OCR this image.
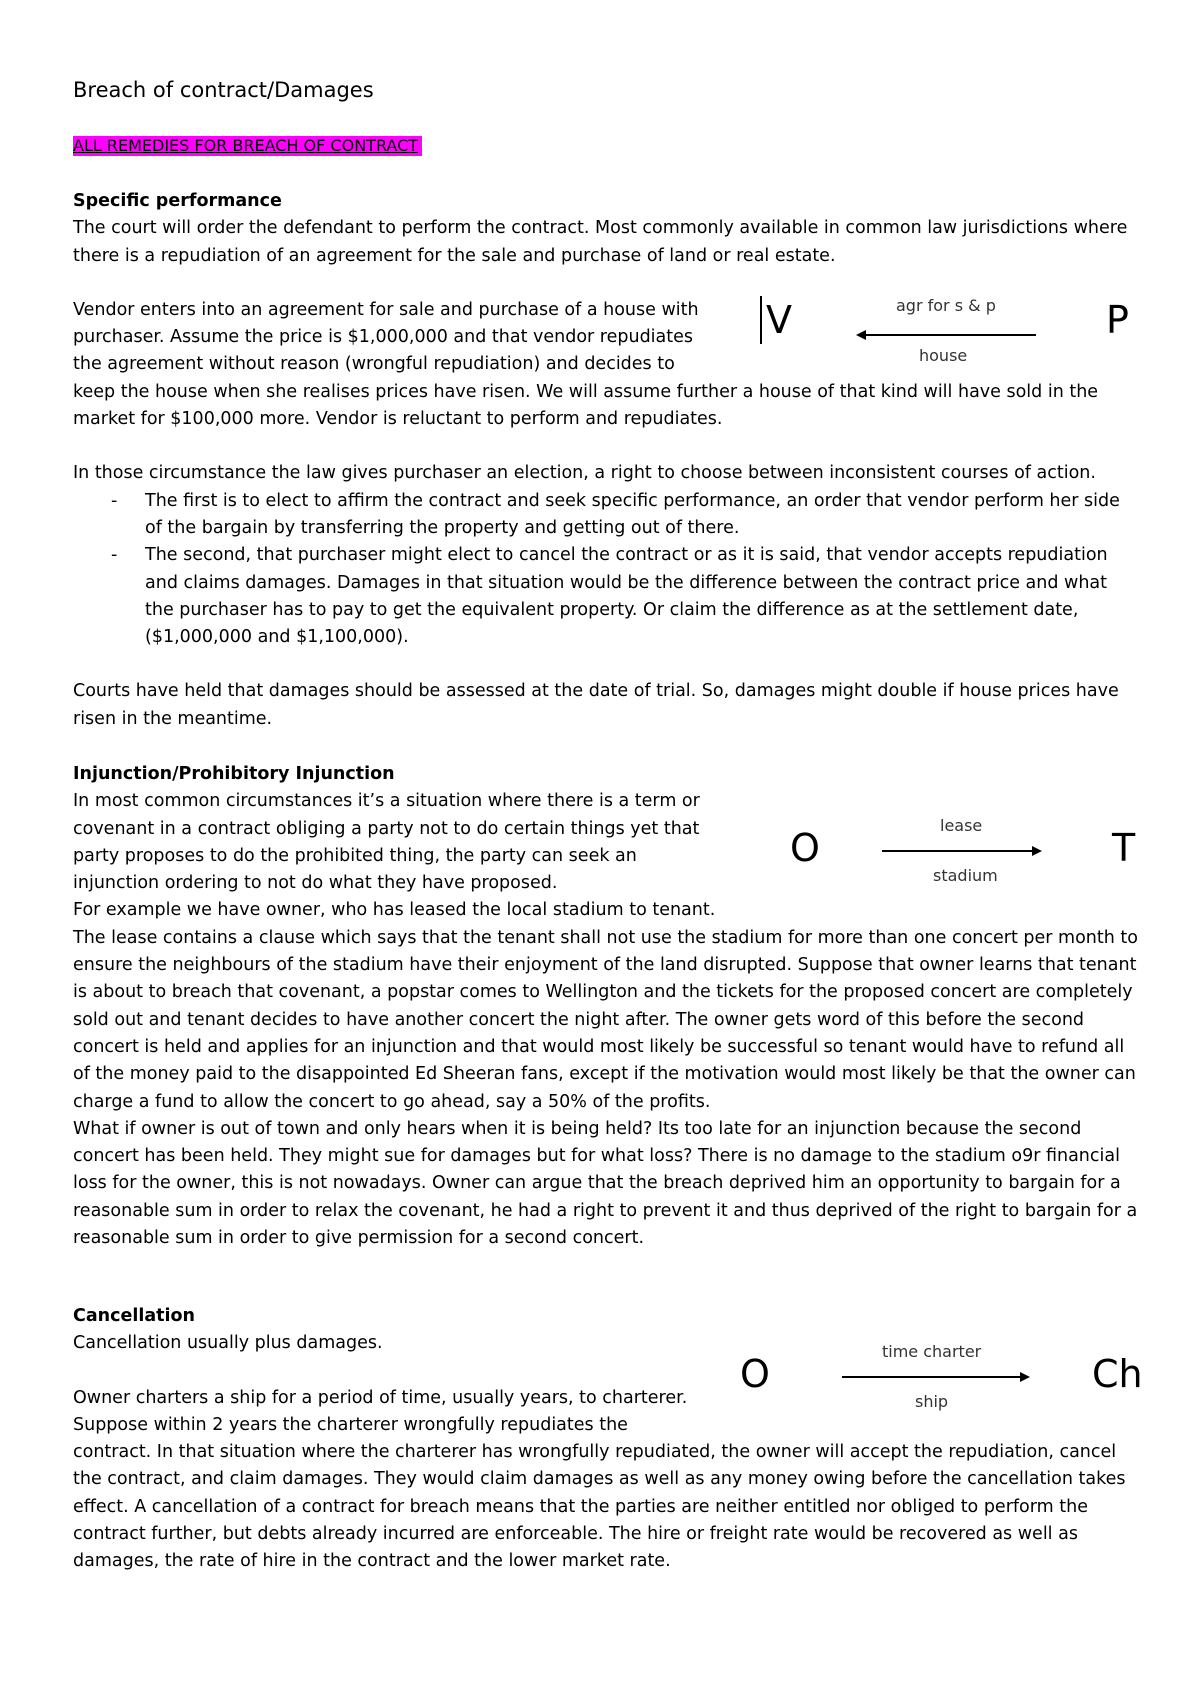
Breach of contract/Damages
ALL REMEDIES FOR BREACH OF CONTRACT

Specific performance

The court will order the defendant to perform the contract. Most commonly available in common law jurisdictions where there is a repudiation of an agreement for the sale and purchase of land or real estate.

Vendor enters into an agreement for sale and purchase of a house with

purchaser. Assume the price is $1,000,000 and that vendor repudiates

the agreement without reason (wrongful repudiation) and decides to

keep the house when she realises prices have risen. We will assume further a house of that kind will have sold in the market for $100,000 more. Vendor is reluctant to perform and repudiates.

In those circumstance the law gives purchaser an election, a right to choose between inconsistent courses of action.

- The first is to elect to affirm the contract and seek specific performance, an order that vendor perform her side of the bargain by transferring the property and getting out of there.
- The second, that purchaser might elect to cancel the contract or as it is said, that vendor accepts repudiation and claims damages. Damages in that situation would be the difference between the contract price and what the purchaser has to pay to get the equivalent property. Or claim the difference as at the settlement date, ($1,000,000 and $1,100,000).

Courts have held that damages should be assessed at the date of trial. So, damages might double if house prices have risen in the meantime.

V	agr for s & p
house
P

Injunction/Prohibitory Injunction

In most common circumstances it’s a situation where there is a term or

covenant in a contract obliging a party not to do certain things yet that

party proposes to do the prohibited thing, the party can seek an

injunction ordering to not do what they have proposed.

For example we have owner, who has leased the local stadium to tenant.

The lease contains a clause which says that the tenant shall not use the stadium for more than one concert per month to ensure the neighbours of the stadium have their enjoyment of the land disrupted. Suppose that owner learns that tenant is about to breach that covenant, a popstar comes to Wellington and the tickets for the proposed concert are completely sold out and tenant decides to have another concert the night after. The owner gets word of this before the second concert is held and applies for an injunction and that would most likely be successful so tenant would have to refund all of the money paid to the disappointed Ed Sheeran fans, except if the motivation would most likely be that the owner can charge a fund to allow the concert to go ahead, say a 50% of the profits.

What if owner is out of town and only hears when it is being held? Its too late for an injunction because the second concert has been held. They might sue for damages but for what loss? There is no damage to the stadium o9r financial loss for the owner, this is not nowadays. Owner can argue that the breach deprived him an opportunity to bargain for a reasonable sum in order to relax the covenant, he had a right to prevent it and thus deprived of the right to bargain for a reasonable sum in order to give permission for a second concert.

O
lease
stadium
T

Cancellation

Cancellation usually plus damages.

Owner charters a ship for a period of time, usually years, to charterer.

Suppose within 2 years the charterer wrongfully repudiates the

contract. In that situation where the charterer has wrongfully repudiated, the owner will accept the repudiation, cancel the contract, and claim damages. They would claim damages as well as any money owing before the cancellation takes effect. A cancellation of a contract for breach means that the parties are neither entitled nor obliged to perform the contract further, but debts already incurred are enforceable. The hire or freight rate would be recovered as well as damages, the rate of hire in the contract and the lower market rate.

O
time charter
ship
Ch
